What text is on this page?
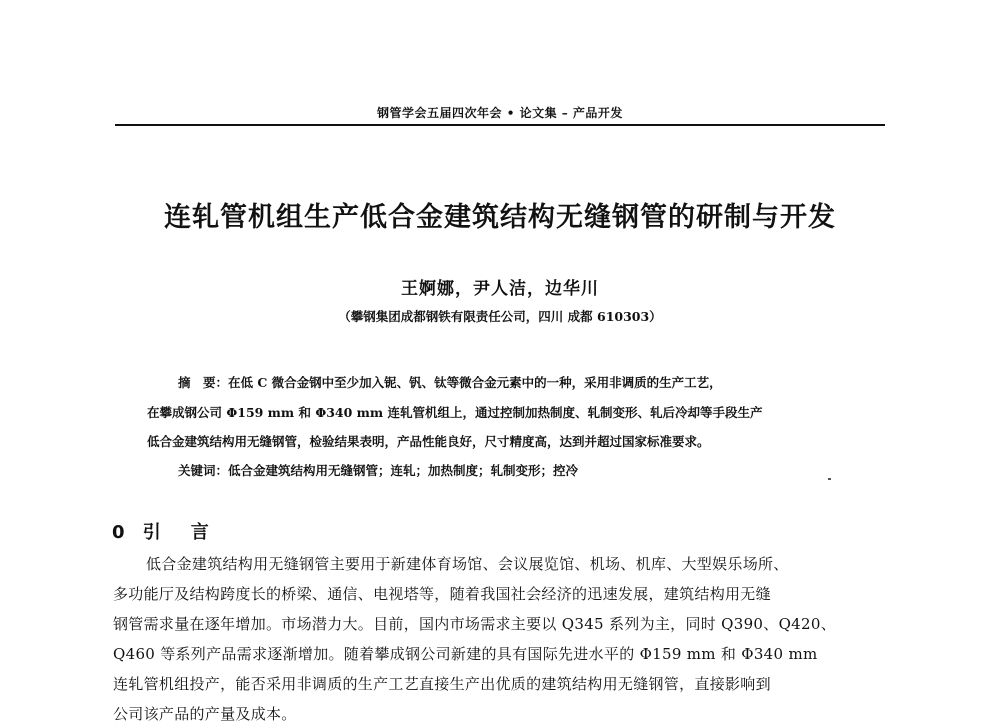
钢管学会五届四次年会 • 论文集 – 产品开发
连轧管机组生产低合金建筑结构无缝钢管的研制与开发
王婀娜，尹人洁，边华川
（攀钢集团成都钢铁有限责任公司，四川 成都 610303）
摘　要：在低 C 微合金钢中至少加入铌、钒、钛等微合金元素中的一种，采用非调质的生产工艺，
在攀成钢公司 Φ159 mm 和 Φ340 mm 连轧管机组上，通过控制加热制度、轧制变形、轧后冷却等手段生产
低合金建筑结构用无缝钢管，检验结果表明，产品性能良好，尺寸精度高，达到并超过国家标准要求。
关键词：低合金建筑结构用无缝钢管；连轧；加热制度；轧制变形；控冷
0 引　言
低合金建筑结构用无缝钢管主要用于新建体育场馆、会议展览馆、机场、机库、大型娱乐场所、
多功能厅及结构跨度长的桥梁、通信、电视塔等，随着我国社会经济的迅速发展，建筑结构用无缝
钢管需求量在逐年增加。市场潜力大。目前，国内市场需求主要以 Q345 系列为主，同时 Q390、Q420、
Q460 等系列产品需求逐渐增加。随着攀成钢公司新建的具有国际先进水平的 Φ159 mm 和 Φ340 mm
连轧管机组投产，能否采用非调质的生产工艺直接生产出优质的建筑结构用无缝钢管，直接影响到
公司该产品的产量及成本。
